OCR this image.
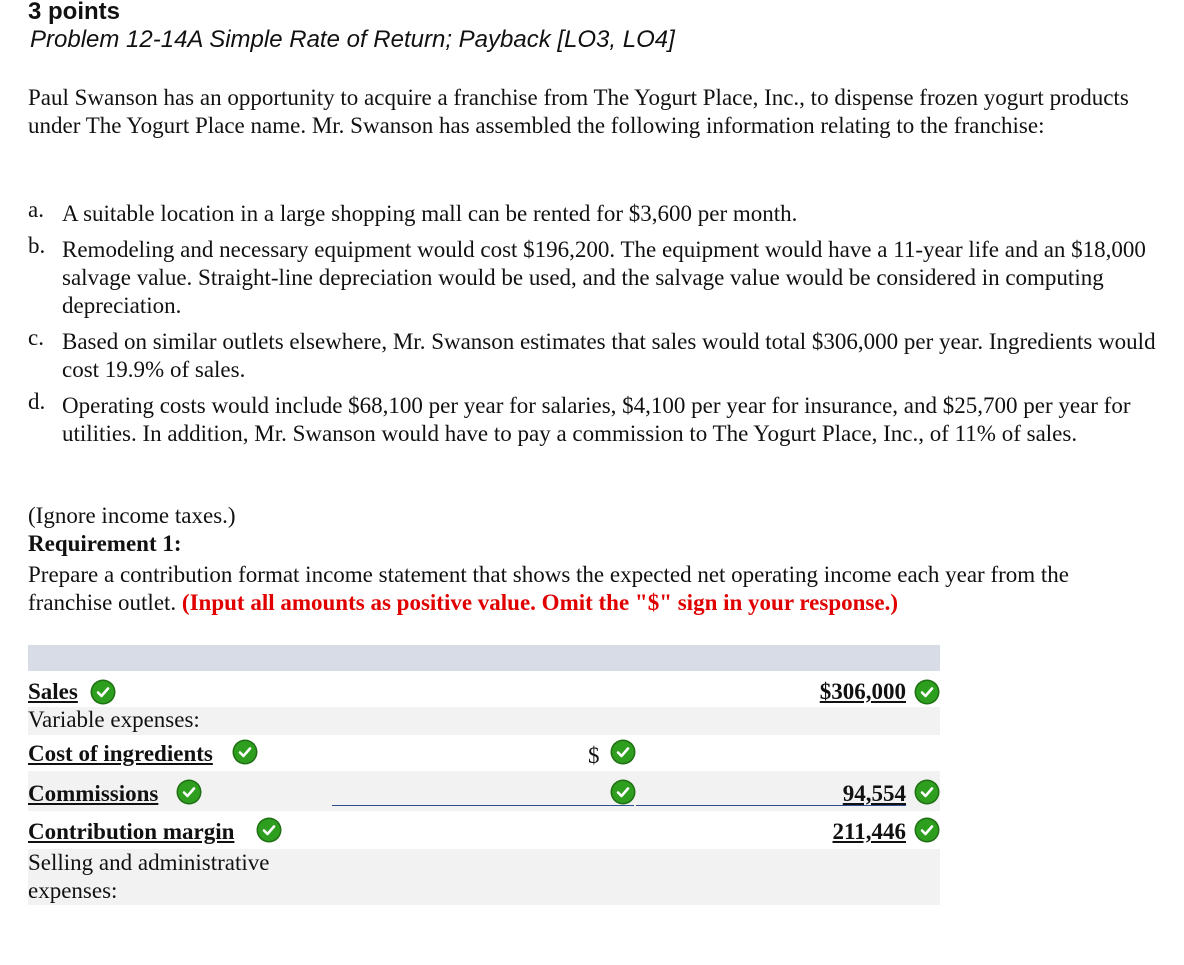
3 points
Problem 12-14A Simple Rate of Return; Payback [LO3, LO4]
Paul Swanson has an opportunity to acquire a franchise from The Yogurt Place, Inc., to dispense frozen yogurt products under The Yogurt Place name. Mr. Swanson has assembled the following information relating to the franchise:
a. A suitable location in a large shopping mall can be rented for $3,600 per month.
b. Remodeling and necessary equipment would cost $196,200. The equipment would have a 11-year life and an $18,000 salvage value. Straight-line depreciation would be used, and the salvage value would be considered in computing depreciation.
c. Based on similar outlets elsewhere, Mr. Swanson estimates that sales would total $306,000 per year. Ingredients would cost 19.9% of sales.
d. Operating costs would include $68,100 per year for salaries, $4,100 per year for insurance, and $25,700 per year for utilities. In addition, Mr. Swanson would have to pay a commission to The Yogurt Place, Inc., of 11% of sales.
(Ignore income taxes.)
Requirement 1:
Prepare a contribution format income statement that shows the expected net operating income each year from the franchise outlet. (Input all amounts as positive value. Omit the "$" sign in your response.)
Sales	$306,000
Variable expenses:
Cost of ingredients	$
Commissions	94,554
Contribution margin	211,446
Selling and administrative
expenses:
